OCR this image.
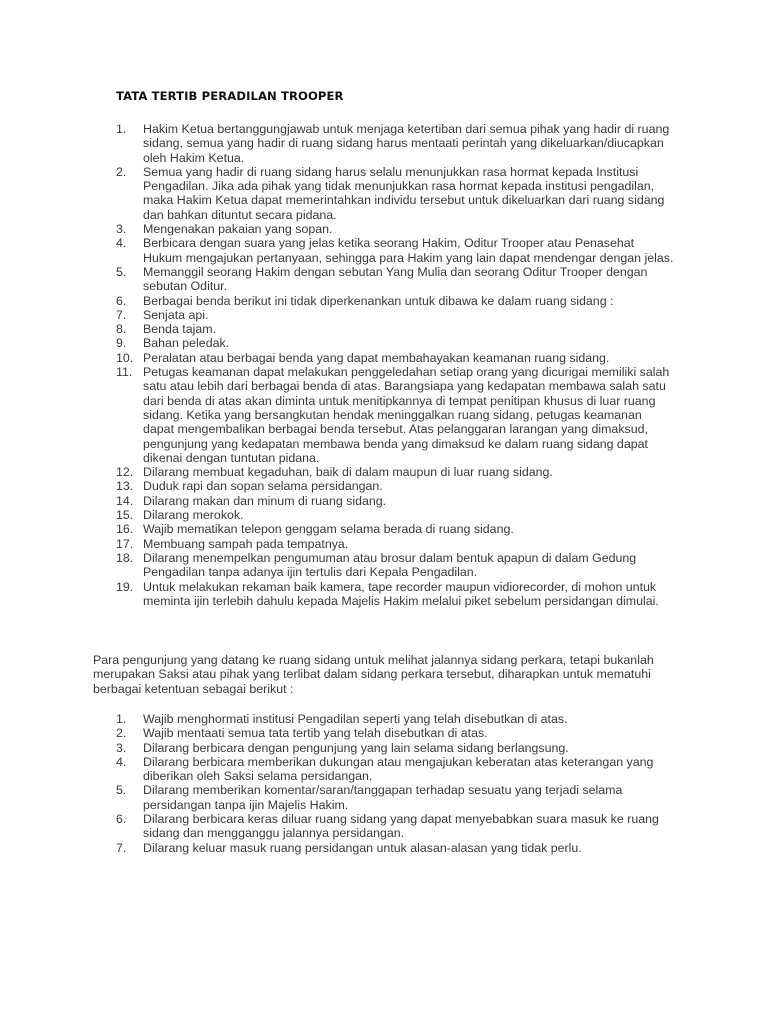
TATA TERTIB PERADILAN TROOPER
1.	Hakim Ketua bertanggungjawab untuk menjaga ketertiban dari semua pihak yang hadir di ruang sidang, semua yang hadir di ruang sidang harus mentaati perintah yang dikeluarkan/diucapkan oleh Hakim Ketua.
2.	Semua yang hadir di ruang sidang harus selalu menunjukkan rasa hormat kepada Institusi Pengadilan. Jika ada pihak yang tidak menunjukkan rasa hormat kepada institusi pengadilan, maka Hakim Ketua dapat memerintahkan individu tersebut untuk dikeluarkan dari ruang sidang dan bahkan dituntut secara pidana.
3.	Mengenakan pakaian yang sopan.
4.	Berbicara dengan suara yang jelas ketika seorang Hakim, Oditur Trooper atau Penasehat Hukum mengajukan pertanyaan, sehingga para Hakim yang lain dapat mendengar dengan jelas.
5.	Memanggil seorang Hakim dengan sebutan Yang Mulia dan seorang Oditur Trooper dengan sebutan Oditur.
6.	Berbagai benda berikut ini tidak diperkenankan untuk dibawa ke dalam ruang sidang :
7.	Senjata api.
8.	Benda tajam.
9.	Bahan peledak.
10. Peralatan atau berbagai benda yang dapat membahayakan keamanan ruang sidang.
11. Petugas keamanan dapat melakukan penggeledahan setiap orang yang dicurigai memiliki salah satu atau lebih dari berbagai benda di atas. Barangsiapa yang kedapatan membawa salah satu dari benda di atas akan diminta untuk menitipkannya di tempat penitipan khusus di luar ruang sidang. Ketika yang bersangkutan hendak meninggalkan ruang sidang, petugas keamanan dapat mengembalikan berbagai benda tersebut. Atas pelanggaran larangan yang dimaksud, pengunjung yang kedapatan membawa benda yang dimaksud ke dalam ruang sidang dapat dikenai dengan tuntutan pidana.
12. Dilarang membuat kegaduhan, baik di dalam maupun di luar ruang sidang.
13. Duduk rapi dan sopan selama persidangan.
14. Dilarang makan dan minum di ruang sidang.
15. Dilarang merokok.
16. Wajib mematikan telepon genggam selama berada di ruang sidang.
17. Membuang sampah pada tempatnya.
18. Dilarang menempelkan pengumuman atau brosur dalam bentuk apapun di dalam Gedung Pengadilan tanpa adanya ijin tertulis dari Kepala Pengadilan.
19. Untuk melakukan rekaman baik kamera, tape recorder maupun vidiorecorder, di mohon untuk meminta ijin terlebih dahulu kepada Majelis Hakim melalui piket sebelum persidangan dimulai.
Para pengunjung yang datang ke ruang sidang untuk melihat jalannya sidang perkara, tetapi bukanlah merupakan Saksi atau pihak yang terlibat dalam sidang perkara tersebut, diharapkan untuk mematuhi berbagai ketentuan sebagai berikut :
1.	Wajib menghormati institusi Pengadilan seperti yang telah disebutkan di atas.
2.	Wajib mentaati semua tata tertib yang telah disebutkan di atas.
3.	Dilarang berbicara dengan pengunjung yang lain selama sidang berlangsung.
4.	Dilarang berbicara memberikan dukungan atau mengajukan keberatan atas keterangan yang diberikan oleh Saksi selama persidangan.
5.	Dilarang memberikan komentar/saran/tanggapan terhadap sesuatu yang terjadi selama persidangan tanpa ijin Majelis Hakim.
6.	Dilarang berbicara keras diluar ruang sidang yang dapat menyebabkan suara masuk ke ruang sidang dan mengganggu jalannya persidangan.
7.	Dilarang keluar masuk ruang persidangan untuk alasan-alasan yang tidak perlu.
